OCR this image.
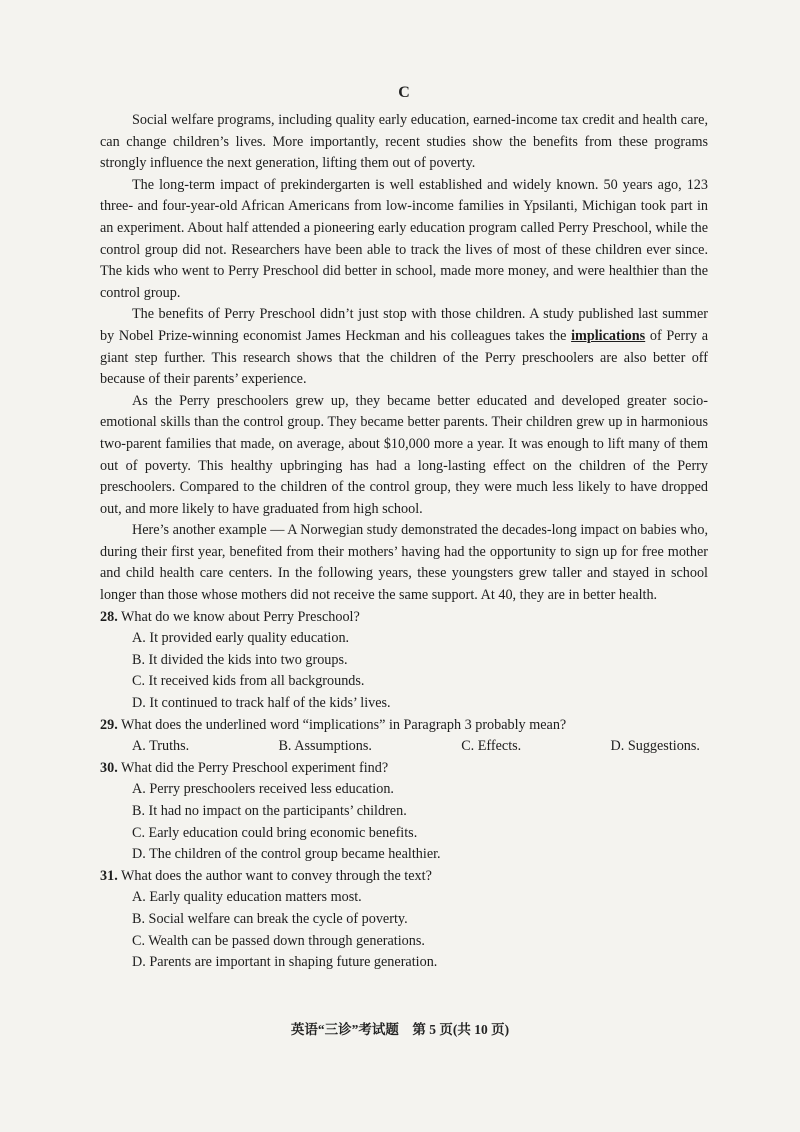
C

Social welfare programs, including quality early education, earned-income tax credit and health care, can change children’s lives. More importantly, recent studies show the benefits from these programs strongly influence the next generation, lifting them out of poverty.

The long-term impact of prekindergarten is well established and widely known. 50 years ago, 123 three- and four-year-old African Americans from low-income families in Ypsilanti, Michigan took part in an experiment. About half attended a pioneering early education program called Perry Preschool, while the control group did not. Researchers have been able to track the lives of most of these children ever since. The kids who went to Perry Preschool did better in school, made more money, and were healthier than the control group.

The benefits of Perry Preschool didn’t just stop with those children. A study published last summer by Nobel Prize-winning economist James Heckman and his colleagues takes the implications of Perry a giant step further. This research shows that the children of the Perry preschoolers are also better off because of their parents’ experience.

As the Perry preschoolers grew up, they became better educated and developed greater socio-emotional skills than the control group. They became better parents. Their children grew up in harmonious two-parent families that made, on average, about $10,000 more a year. It was enough to lift many of them out of poverty. This healthy upbringing has had a long-lasting effect on the children of the Perry preschoolers. Compared to the children of the control group, they were much less likely to have dropped out, and more likely to have graduated from high school.

Here’s another example — A Norwegian study demonstrated the decades-long impact on babies who, during their first year, benefited from their mothers’ having had the opportunity to sign up for free mother and child health care centers. In the following years, these youngsters grew taller and stayed in school longer than those whose mothers did not receive the same support. At 40, they are in better health.

28. What do we know about Perry Preschool?

A. It provided early quality education.
B. It divided the kids into two groups.
C. It received kids from all backgrounds.
D. It continued to track half of the kids’ lives.

29. What does the underlined word “implications” in Paragraph 3 probably mean?

A. Truths.	B. Assumptions.	C. Effects.	D. Suggestions.

30. What did the Perry Preschool experiment find?

A. Perry preschoolers received less education.
B. It had no impact on the participants’ children.
C. Early education could bring economic benefits.
D. The children of the control group became healthier.

31. What does the author want to convey through the text?

A. Early quality education matters most.
B. Social welfare can break the cycle of poverty.
C. Wealth can be passed down through generations.
D. Parents are important in shaping future generation.
英语“三诊”考试题　第 5 页(共 10 页)
